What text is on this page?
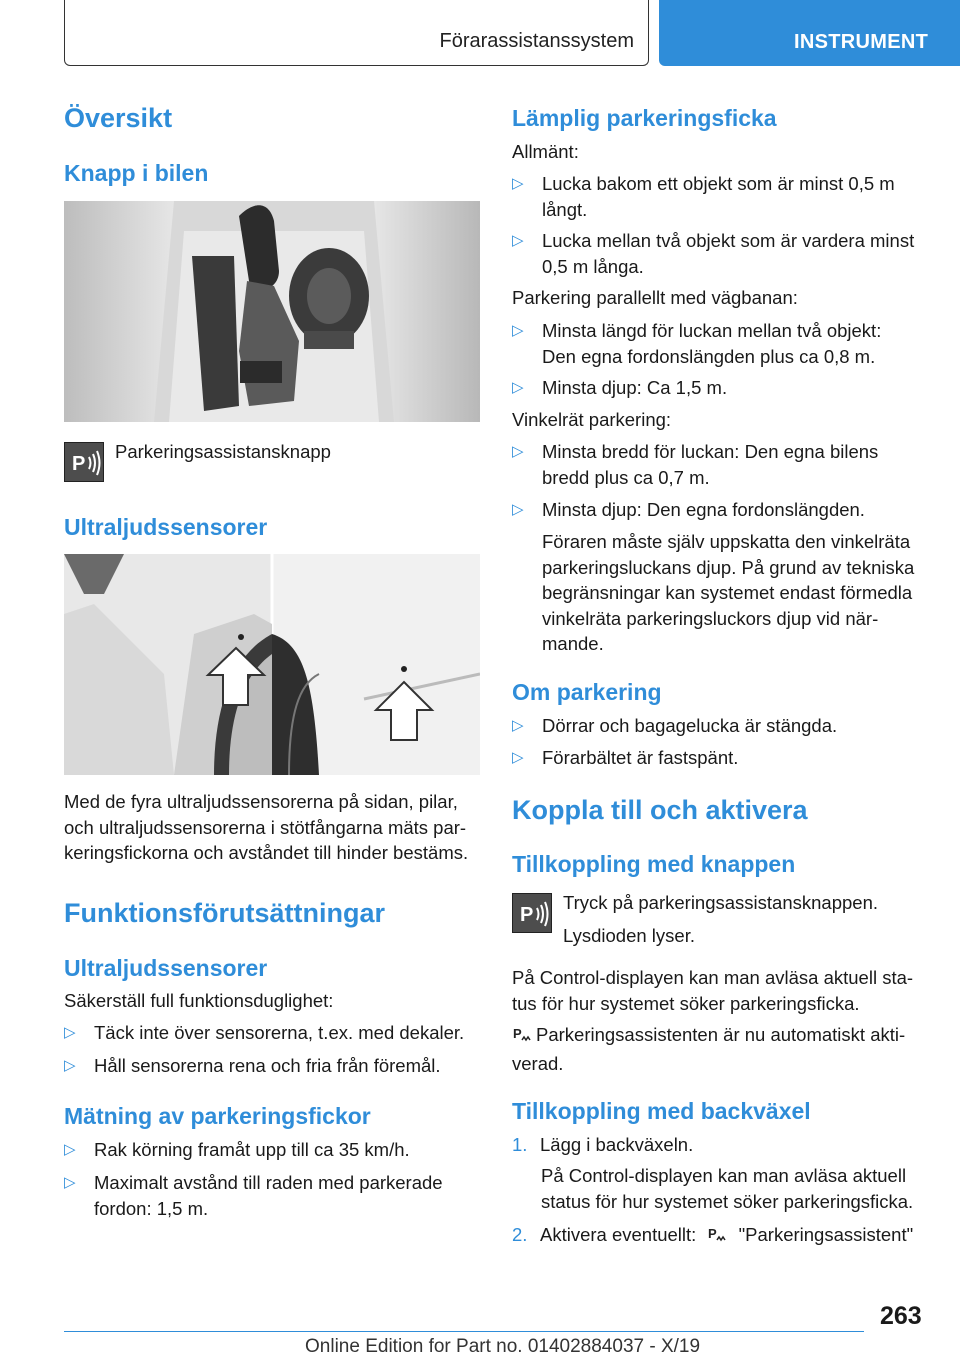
Förarassistanssystem	INSTRUMENT
Översikt
Knapp i bilen
P
Parkeringsassistansknapp
Ultraljudssensorer
Med de fyra ultraljudssensorerna på sidan, pilar,
och ultraljudssensorerna i stötfångarna mäts par‐
keringsfickorna och avståndet till hinder bestäms.
Funktionsförutsättningar
Ultraljudssensorer
Säkerställ full funktionsduglighet:
▷ Täck inte över sensorerna, t.ex. med dekaler.
▷ Håll sensorerna rena och fria från föremål.
Mätning av parkeringsfickor
▷ Rak körning framåt upp till ca 35 km/h.
▷ Maximalt avstånd till raden med parkerade
fordon: 1,5 m.
Lämplig parkeringsficka
Allmänt:
▷ Lucka bakom ett objekt som är minst 0,5 m
långt.
▷ Lucka mellan två objekt som är vardera minst
0,5 m långa.
Parkering parallellt med vägbanan:
▷ Minsta längd för luckan mellan två objekt:
Den egna fordonslängden plus ca 0,8 m.
▷ Minsta djup: Ca 1,5 m.
Vinkelrät parkering:
▷ Minsta bredd för luckan: Den egna bilens
bredd plus ca 0,7 m.
▷ Minsta djup: Den egna fordonslängden.
Föraren måste själv uppskatta den vinkelräta
parkeringsluckans djup. På grund av tekniska
begränsningar kan systemet endast förmedla
vinkelräta parkeringsluckors djup vid när‐
mande.
Om parkering
▷ Dörrar och bagagelucka är stängda.
▷ Förarbältet är fastspänt.
Koppla till och aktivera
Tillkoppling med knappen
P
Tryck på parkeringsassistansknappen.
Lysdioden lyser.
På Control-displayen kan man avläsa aktuell sta‐
tus för hur systemet söker parkeringsficka.
P Parkeringsassistenten är nu automatiskt akti‐
verad.
Tillkoppling med backväxel
1. Lägg i backväxeln.
På Control-displayen kan man avläsa aktuell
status för hur systemet söker parkeringsficka.
2. Aktivera eventuellt: P "Parkeringsassistent"
263
Online Edition for Part no. 01402884037 - X/19
